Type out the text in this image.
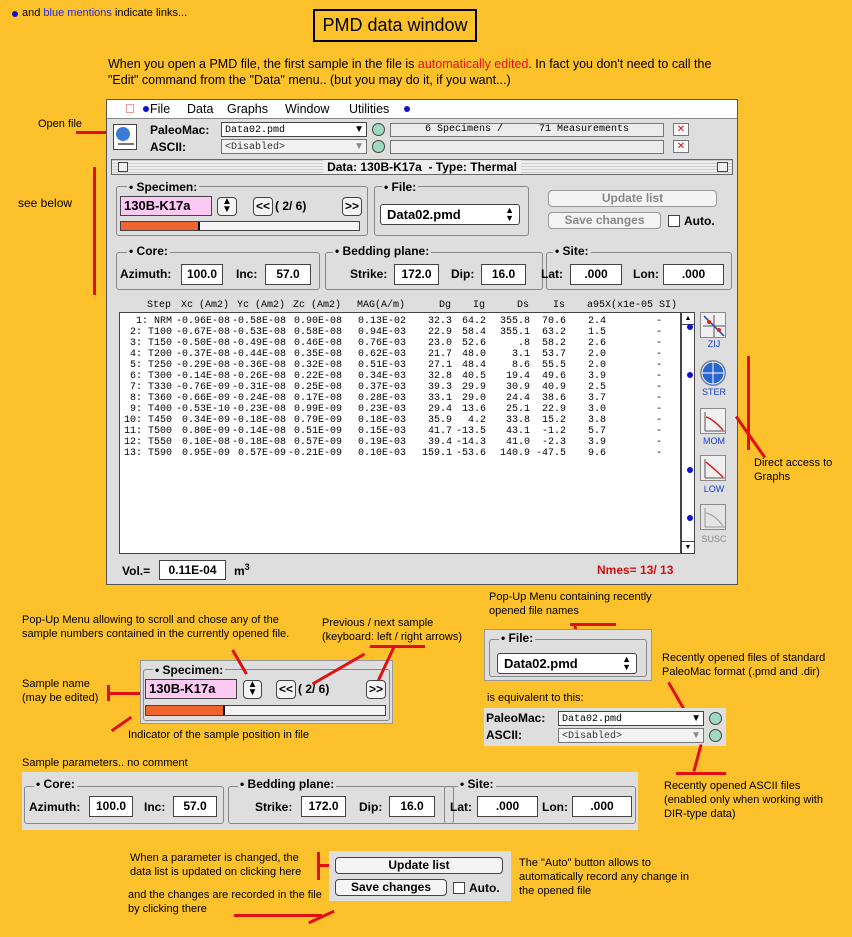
and blue mentions indicate links...
PMD data window
When you open a PMD file, the first sample in the file is automatically edited. In fact you don't need to call the "Edit" command from the "Data" menu.. (but you may do it, if you want...)
Open file
see below
File Data Graphs Window Utilities
PaleoMac:
ASCII:
Data02.pmd	▼
<Disabled>	▼
6 Specimens /      71 Measurements	✕
✕
Data: 130B-K17a  - Type: Thermal
• Specimen:
130B-K17a	▲
▼	<< ( 2/ 6)	>>
• File:
Data02.pmd	▲
▼
Update list
Save changes	Auto.
• Core:
Azimuth:	100.0	Inc:	57.0
• Bedding plane:
Strike:	172.0	Dip:	16.0
• Site:
Lat:	.000	Lon:	.000
Step	Xc (Am2)	Yc (Am2)	Zc (Am2)	MAG(A/m)	Dg	Ig	Ds	Is	a95	X(x1e-05 SI)
1: NRM	-0.96E-08	-0.58E-08	0.90E-08	0.13E-02	32.3	64.2	355.8	70.6	2.4	-
2: T100	-0.67E-08	-0.53E-08	0.58E-08	0.94E-03	22.9	58.4	355.1	63.2	1.5	-
3: T150	-0.50E-08	-0.49E-08	0.46E-08	0.76E-03	23.0	52.6	.8	58.2	2.6	-
4: T200	-0.37E-08	-0.44E-08	0.35E-08	0.62E-03	21.7	48.0	3.1	53.7	2.0	-
5: T250	-0.29E-08	-0.36E-08	0.32E-08	0.51E-03	27.1	48.4	8.6	55.5	2.0	-
6: T300	-0.14E-08	-0.26E-08	0.22E-08	0.34E-03	32.8	40.5	19.4	49.6	3.9	-
7: T330	-0.76E-09	-0.31E-08	0.25E-08	0.37E-03	39.3	29.9	30.9	40.9	2.5	-
8: T360	-0.66E-09	-0.24E-08	0.17E-08	0.28E-03	33.1	29.0	24.4	38.6	3.7	-
9: T400	-0.53E-10	-0.23E-08	0.99E-09	0.23E-03	29.4	13.6	25.1	22.9	3.0	-
10: T450	0.34E-09	-0.18E-08	0.79E-09	0.18E-03	35.9	4.2	33.8	15.2	3.8	-
11: T500	0.80E-09	-0.14E-08	0.51E-09	0.15E-03	41.7	-13.5	43.1	-1.2	5.7	-
12: T550	0.10E-08	-0.18E-08	0.57E-09	0.19E-03	39.4	-14.3	41.0	-2.3	3.9	-
13: T590	0.95E-09	0.57E-09	-0.21E-09	0.10E-03	159.1	-53.6	140.9	-47.5	9.6	-
▲
▼
ZIJ
STER
MOM
LOW
SUSC
Vol.=	0.11E-04	$m^3$	Nmes= 13/ 13
Direct access to Graphs
Pop-Up Menu allowing to scroll and chose any of the sample numbers contained in the currently opened file.
Previous / next sample (keyboard: left / right arrows)
Sample name (may be edited)
• Specimen:
130B-K17a	▲
▼	<< ( 2/ 6)	>>
Indicator of the sample position in file
Pop-Up Menu containing recently opened file names
• File:
Data02.pmd	▲
▼
Recently opened files of standard PaleoMac format (.pmd and .dir)
is equivalent to this:
PaleoMac:
ASCII:
Data02.pmd	▼
<Disabled>	▼
Recently opened ASCII files (enabled only when working with DIR-type data)
Sample parameters.. no comment
• Core:
Azimuth:	100.0	Inc:	57.0
• Bedding plane:
Strike:	172.0	Dip:	16.0
• Site:
Lat:	.000	Lon:	.000
When a parameter is changed, the data list is updated on clicking here
and the changes are recorded in the file by clicking there
Update list
Save changes	Auto.
The "Auto" button allows to automatically record any change in the opened file
